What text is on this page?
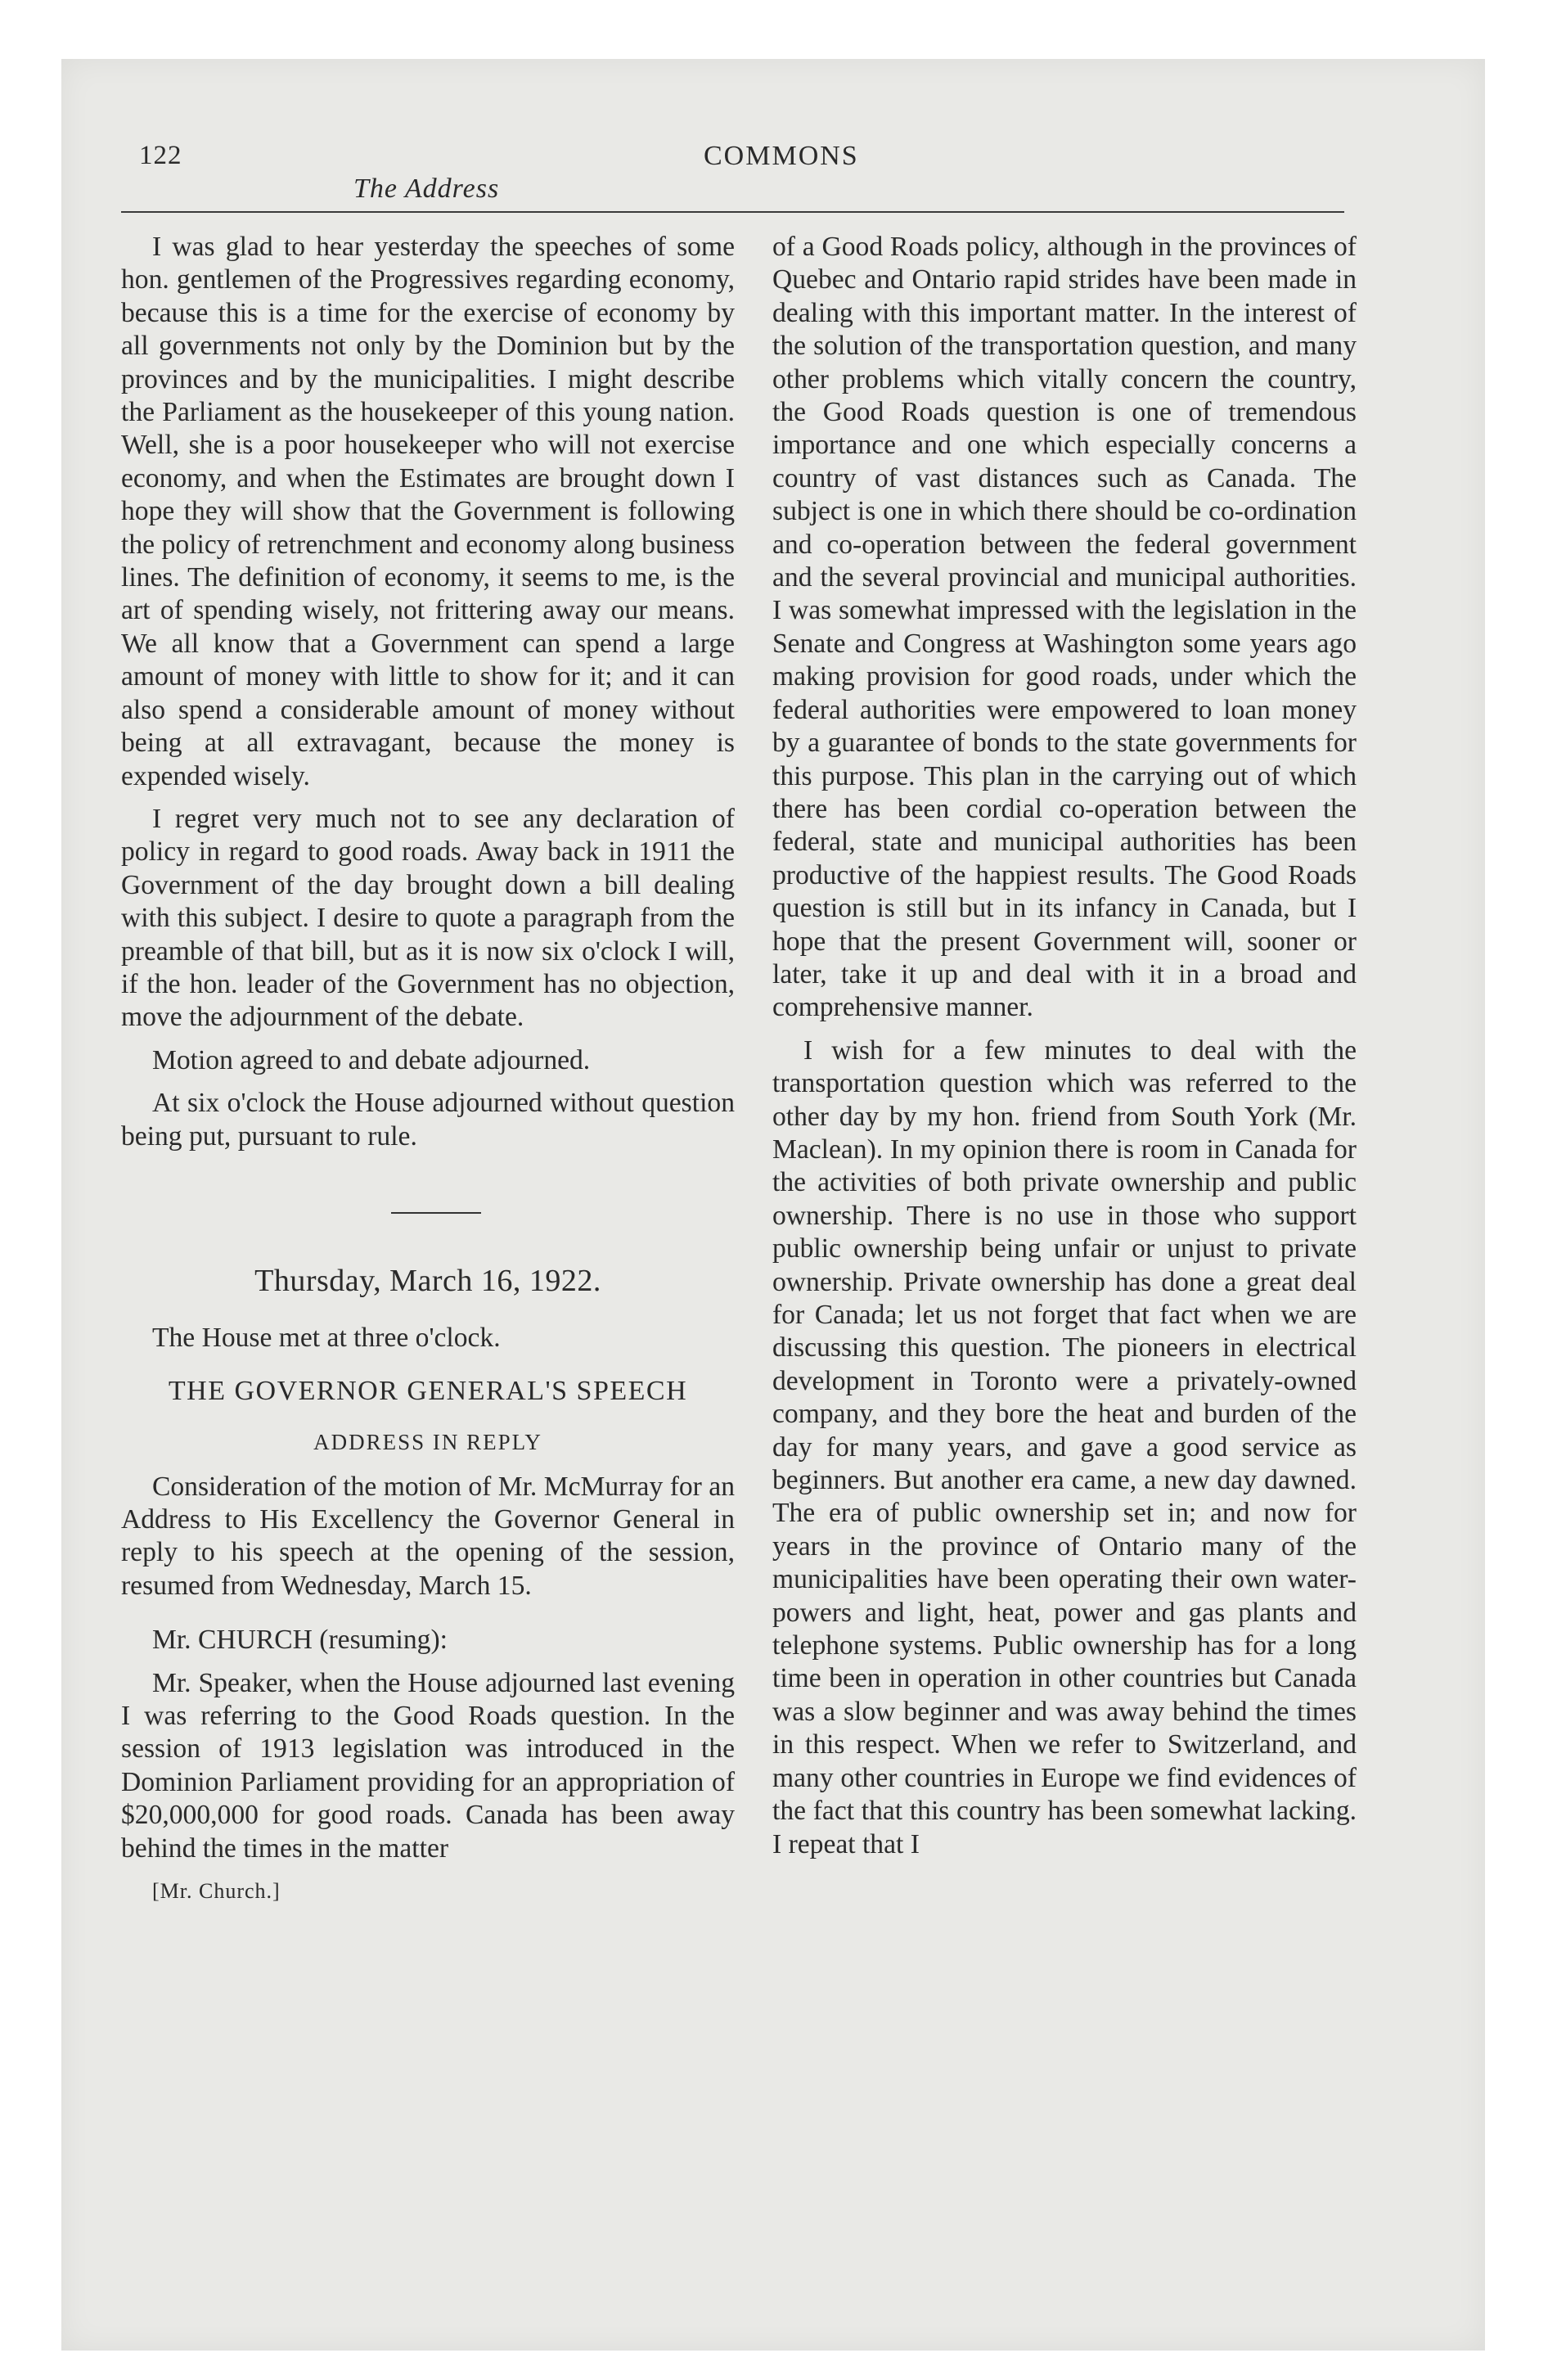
122	COMMONS
The Address

I was glad to hear yesterday the speeches of some hon. gentlemen of the Progressives regarding economy, because this is a time for the exercise of economy by all governments not only by the Dominion but by the provinces and by the municipalities. I might describe the Parliament as the housekeeper of this young nation. Well, she is a poor housekeeper who will not exercise economy, and when the Estimates are brought down I hope they will show that the Government is following the policy of retrenchment and economy along business lines. The definition of economy, it seems to me, is the art of spending wisely, not frittering away our means. We all know that a Government can spend a large amount of money with little to show for it; and it can also spend a considerable amount of money without being at all extravagant, because the money is expended wisely.

I regret very much not to see any declaration of policy in regard to good roads. Away back in 1911 the Government of the day brought down a bill dealing with this subject. I desire to quote a paragraph from the preamble of that bill, but as it is now six o'clock I will, if the hon. leader of the Government has no objection, move the adjournment of the debate.

Motion agreed to and debate adjourned.

At six o'clock the House adjourned without question being put, pursuant to rule.

Thursday, March 16, 1922.

The House met at three o'clock.

THE GOVERNOR GENERAL'S SPEECH
ADDRESS IN REPLY

Consideration of the motion of Mr. McMurray for an Address to His Excellency the Governor General in reply to his speech at the opening of the session, resumed from Wednesday, March 15.

Mr. CHURCH (resuming):

Mr. Speaker, when the House adjourned last evening I was referring to the Good Roads question. In the session of 1913 legislation was introduced in the Dominion Parliament providing for an appropriation of $20,000,000 for good roads. Canada has been away behind the times in the matter

[Mr. Church.]

of a Good Roads policy, although in the provinces of Quebec and Ontario rapid strides have been made in dealing with this important matter. In the interest of the solution of the transportation question, and many other problems which vitally concern the country, the Good Roads question is one of tremendous importance and one which especially concerns a country of vast distances such as Canada. The subject is one in which there should be co-ordination and co-operation between the federal government and the several provincial and municipal authorities. I was somewhat impressed with the legislation in the Senate and Congress at Washington some years ago making provision for good roads, under which the federal authorities were empowered to loan money by a guarantee of bonds to the state governments for this purpose. This plan in the carrying out of which there has been cordial co-operation between the federal, state and municipal authorities has been productive of the happiest results. The Good Roads question is still but in its infancy in Canada, but I hope that the present Government will, sooner or later, take it up and deal with it in a broad and comprehensive manner.

I wish for a few minutes to deal with the transportation question which was referred to the other day by my hon. friend from South York (Mr. Maclean). In my opinion there is room in Canada for the activities of both private ownership and public ownership. There is no use in those who support public ownership being unfair or unjust to private ownership. Private ownership has done a great deal for Canada; let us not forget that fact when we are discussing this question. The pioneers in electrical development in Toronto were a privately-owned company, and they bore the heat and burden of the day for many years, and gave a good service as beginners. But another era came, a new day dawned. The era of public ownership set in; and now for years in the province of Ontario many of the municipalities have been operating their own water-powers and light, heat, power and gas plants and telephone systems. Public ownership has for a long time been in operation in other countries but Canada was a slow beginner and was away behind the times in this respect. When we refer to Switzerland, and many other countries in Europe we find evidences of the fact that this country has been somewhat lacking. I repeat that I
